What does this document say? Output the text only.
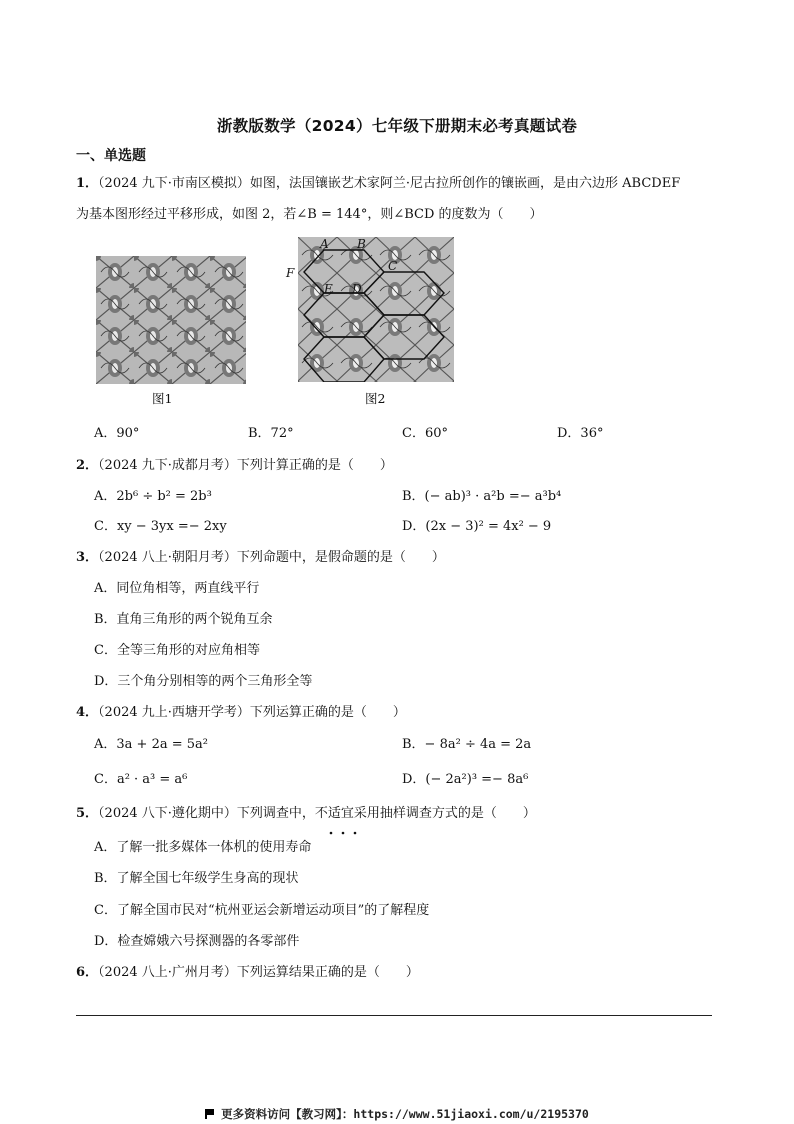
浙教版数学（2024）七年级下册期末必考真题试卷
一、单选题
1．（2024 九下·市南区模拟）如图，法国镶嵌艺术家阿兰·尼古拉所创作的镶嵌画，是由六边形 ABCDEF
为基本图形经过平移形成，如图 2，若∠B = 144°，则∠BCD 的度数为（　　）
图1
A B
C
D
E
F
图2
A．90°	B．72°	C．60°	D．36°
2．（2024 九下·成都月考）下列计算正确的是（　　）
A．2b⁶ ÷ b² = 2b³	B．(− ab)³ · a²b =− a³b⁴
C．xy − 3yx =− 2xy	D．(2x − 3)² = 4x² − 9
3．（2024 八上·朝阳月考）下列命题中，是假命题的是（　　）
A．同位角相等，两直线平行
B．直角三角形的两个锐角互余
C．全等三角形的对应角相等
D．三个角分别相等的两个三角形全等
4．（2024 九上·西塘开学考）下列运算正确的是（　　）
A．3a + 2a = 5a²	B．− 8a² ÷ 4a = 2a
C．a² · a³ = a⁶	D．(− 2a²)³ =− 8a⁶
5．（2024 八下·遵化期中）下列调查中，不适宜采用抽样调查方式的是（　　）
A．了解一批多媒体一体机的使用寿命
B．了解全国七年级学生身高的现状
C．了解全国市民对“杭州亚运会新增运动项目”的了解程度
D．检查嫦娥六号探测器的各零部件
6．（2024 八上·广州月考）下列运算结果正确的是（　　）
更多资料访问【教习网】：https://www.51jiaoxi.com/u/2195370
